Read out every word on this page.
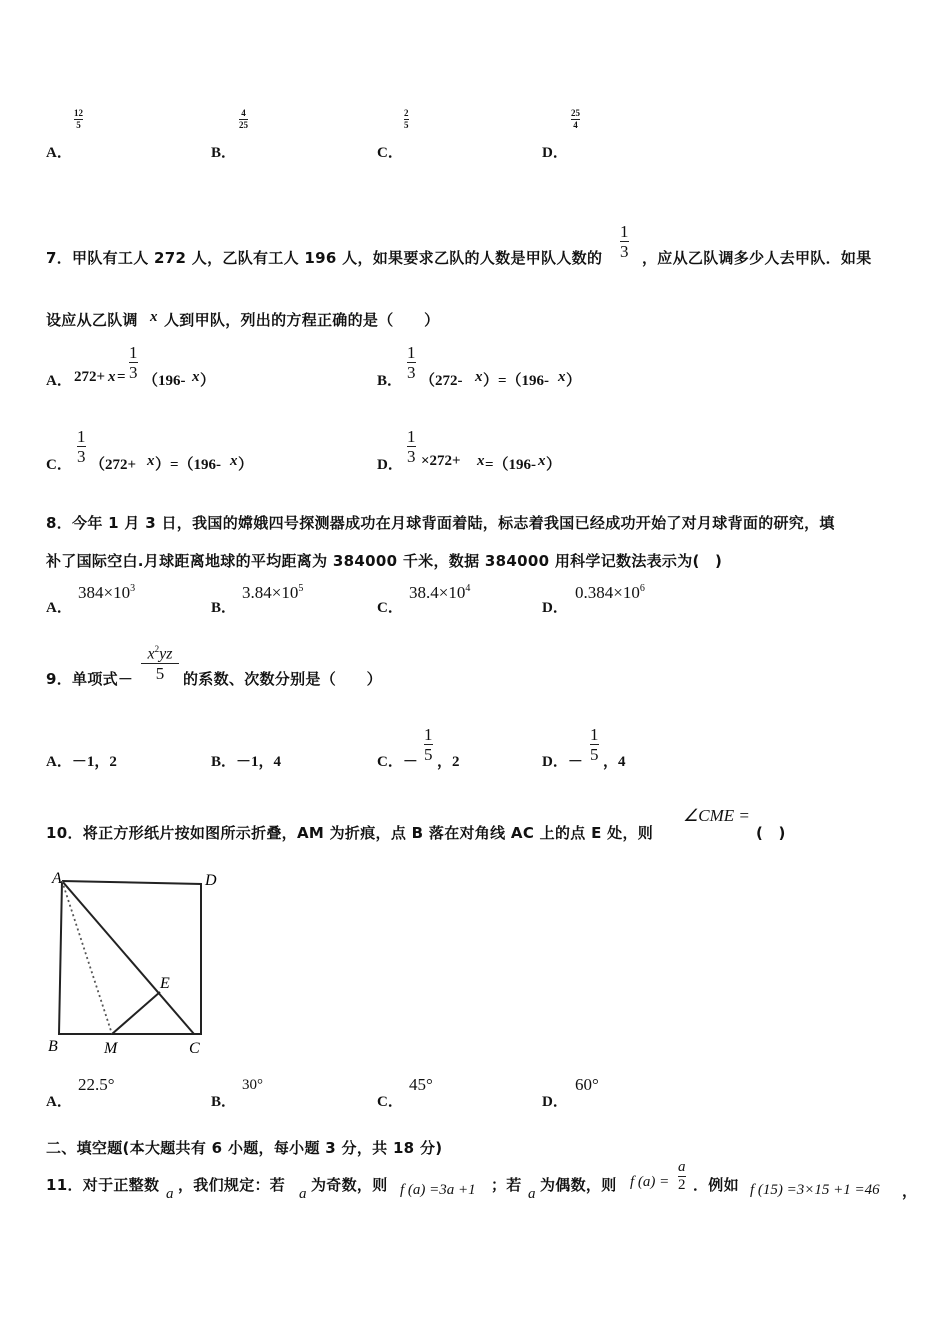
A．
12
5
B．
4
25
C．
2
5
D．
25
4
7．甲队有工人 272 人，乙队有工人 196 人，如果要求乙队的人数是甲队人数的
1
3 ，应从乙队调多少人去甲队．如果
设应从乙队调 x 人到甲队，列出的方程正确的是（　　）
A． 272+ x =
1
3 （196- x ）	B．
1
3 （272- x ）=（196- x ）
C．
1
3 （272+ x ）=（196- x ）	D．
1
3 ×272+ x =（196- x ）
8．今年 1 月 3 日，我国的嫦娥四号探测器成功在月球背面着陆，标志着我国已经成功开始了对月球背面的研究，填
补了国际空白.月球距离地球的平均距离为 384000 千米，数据 384000 用科学记数法表示为(　)
A．
$384\times 10^3$
B．
$3.84\times 10^5$
C．
$38.4\times 10^4$
D．
$0.384\times 10^6$
9．单项式－
$x^2yz$
5 的系数、次数分别是（　　）
A．－1，2	B．－1，4	C．－
1
5 ，2	D．－
1
5 ，4
10．将正方形纸片按如图所示折叠，AM 为折痕，点 B 落在对角线 AC 上的点 E 处，则
∠CME =
(　)
A	D
B	C
M
E
A．
22.5°
B．
30°
C．
45°
D．
60°
二、填空题(本大题共有 6 小题，每小题 3 分，共 18 分)
11．对于正整数 a ，我们规定：若 a 为奇数，则 f (a) =3a +1 ；若 a 为偶数，则 f (a) =
a
2 ．例如 f (15) =3×15 +1 =46 ，
